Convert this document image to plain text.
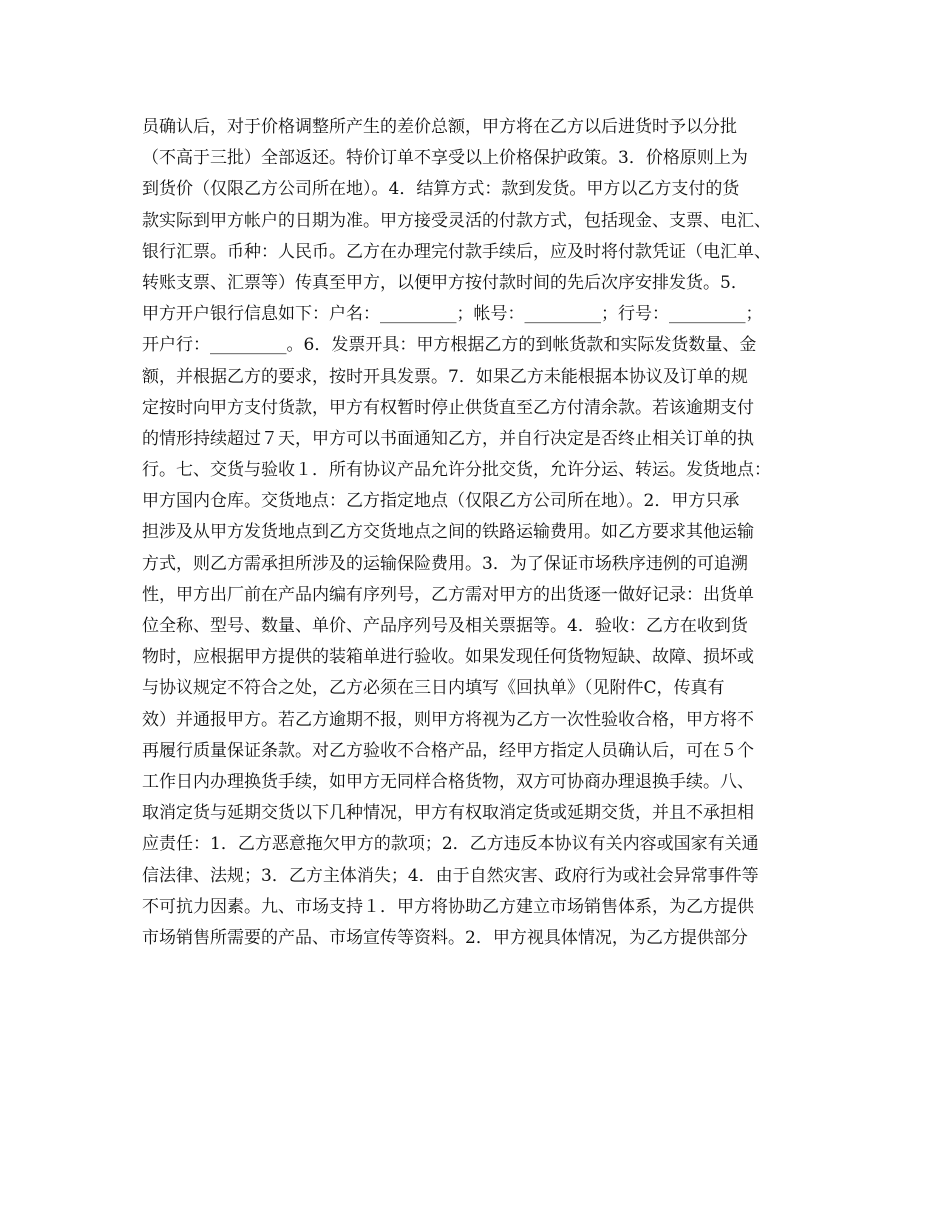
员确认后，对于价格调整所产生的差价总额，甲方将在乙方以后进货时予以分批
（不高于三批）全部返还。特价订单不享受以上价格保护政策。3．价格原则上为
到货价（仅限乙方公司所在地）。4．结算方式：款到发货。甲方以乙方支付的货
款实际到甲方帐户的日期为准。甲方接受灵活的付款方式，包括现金、支票、电汇、
银行汇票。币种：人民币。乙方在办理完付款手续后，应及时将付款凭证（电汇单、
转账支票、汇票等）传真至甲方，以便甲方按付款时间的先后次序安排发货。5．
甲方开户银行信息如下：户名：_________；帐号：_________；行号：_________；
开户行：_________。6．发票开具：甲方根据乙方的到帐货款和实际发货数量、金
额，并根据乙方的要求，按时开具发票。7．如果乙方未能根据本协议及订单的规
定按时向甲方支付货款，甲方有权暂时停止供货直至乙方付清余款。若该逾期支付
的情形持续超过７天，甲方可以书面通知乙方，并自行决定是否终止相关订单的执
行。七、交货与验收１．所有协议产品允许分批交货，允许分运、转运。发货地点：
甲方国内仓库。交货地点：乙方指定地点（仅限乙方公司所在地）。2．甲方只承
担涉及从甲方发货地点到乙方交货地点之间的铁路运输费用。如乙方要求其他运输
方式，则乙方需承担所涉及的运输保险费用。3．为了保证市场秩序违例的可追溯
性，甲方出厂前在产品内编有序列号，乙方需对甲方的出货逐一做好记录：出货单
位全称、型号、数量、单价、产品序列号及相关票据等。4．验收：乙方在收到货
物时，应根据甲方提供的装箱单进行验收。如果发现任何货物短缺、故障、损坏或
与协议规定不符合之处，乙方必须在三日内填写《回执单》（见附件C，传真有
效）并通报甲方。若乙方逾期不报，则甲方将视为乙方一次性验收合格，甲方将不
再履行质量保证条款。对乙方验收不合格产品，经甲方指定人员确认后，可在５个
工作日内办理换货手续，如甲方无同样合格货物，双方可协商办理退换手续。八、
取消定货与延期交货以下几种情况，甲方有权取消定货或延期交货，并且不承担相
应责任：1．乙方恶意拖欠甲方的款项；2．乙方违反本协议有关内容或国家有关通
信法律、法规；3．乙方主体消失；4．由于自然灾害、政府行为或社会异常事件等
不可抗力因素。九、市场支持１．甲方将协助乙方建立市场销售体系，为乙方提供
市场销售所需要的产品、市场宣传等资料。2．甲方视具体情况，为乙方提供部分
